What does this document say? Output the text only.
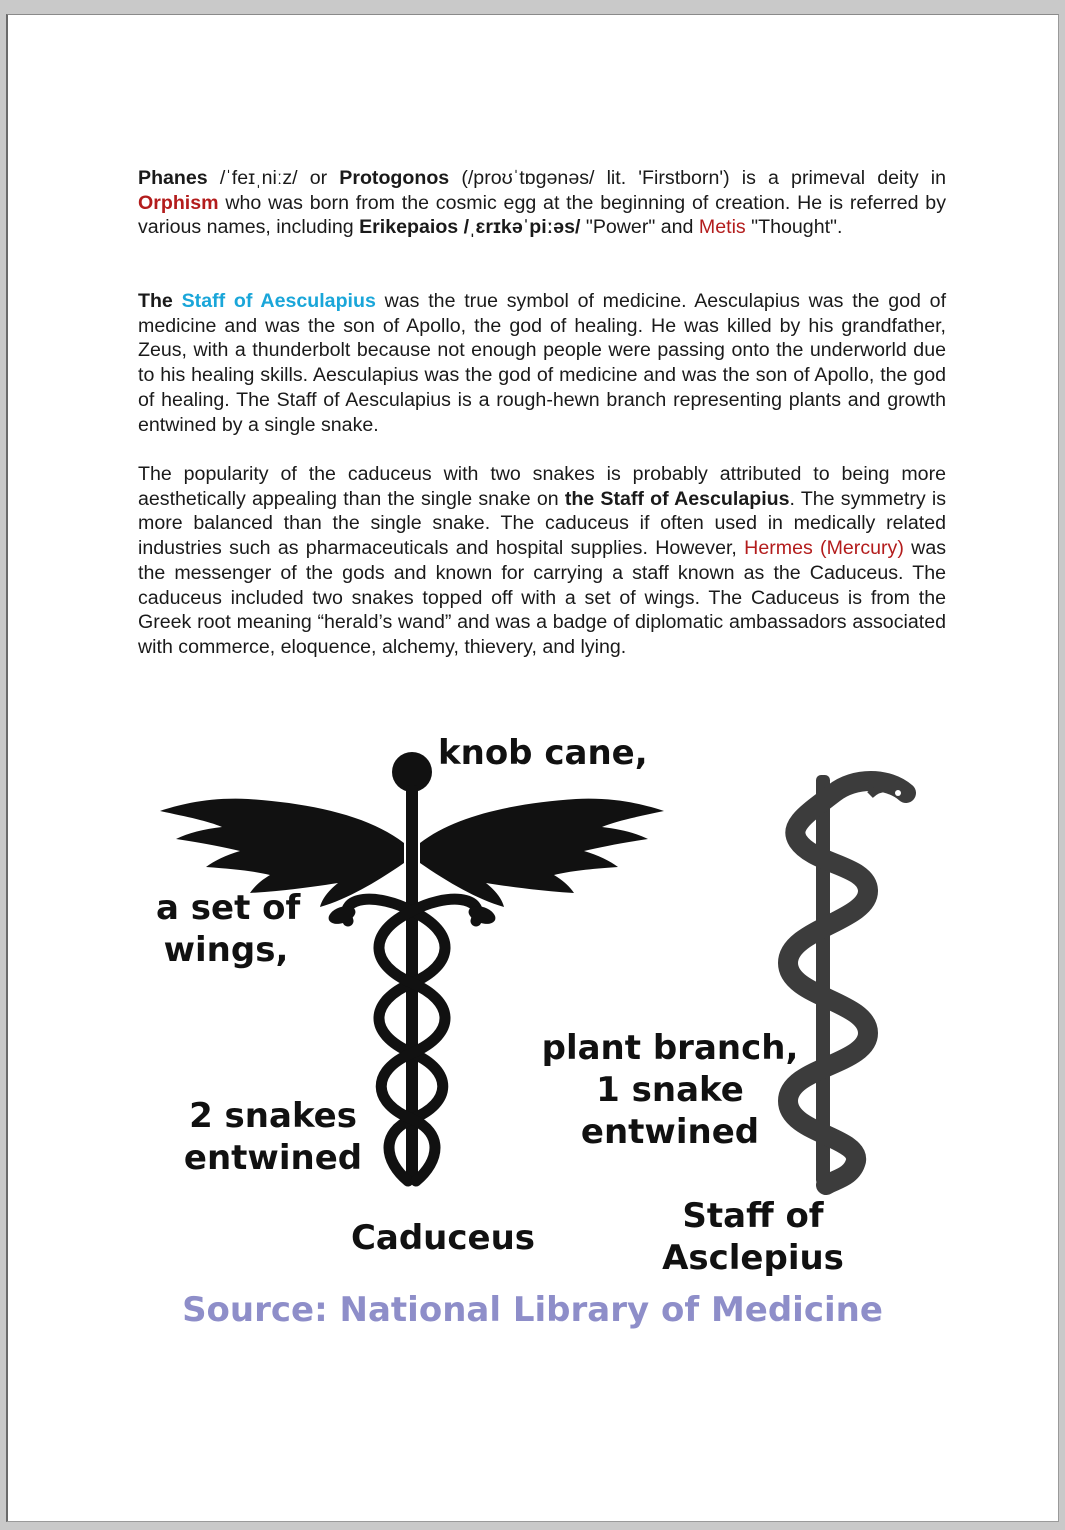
Phanes /ˈfeɪˌniːz/ or Protogonos (/proʊˈtɒɡənəs/ lit. 'Firstborn') is a primeval deity in Orphism who was born from the cosmic egg at the beginning of creation. He is referred by various names, including Erikepaios /ˌɛrɪkəˈpiːəs/ "Power" and Metis "Thought".
The Staff of Aesculapius was the true symbol of medicine. Aesculapius was the god of medicine and was the son of Apollo, the god of healing. He was killed by his grandfather, Zeus, with a thunderbolt because not enough people were passing onto the underworld due to his healing skills. Aesculapius was the god of medicine and was the son of Apollo, the god of healing. The Staff of Aesculapius is a rough-hewn branch representing plants and growth entwined by a single snake.
The popularity of the caduceus with two snakes is probably attributed to being more aesthetically appealing than the single snake on the Staff of Aesculapius. The symmetry is more balanced than the single snake. The caduceus if often used in medically related industries such as pharmaceuticals and hospital supplies. However, Hermes (Mercury) was the messenger of the gods and known for carrying a staff known as the Caduceus. The caduceus included two snakes topped off with a set of wings. The Caduceus is from the Greek root meaning “herald’s wand” and was a badge of diplomatic ambassadors associated with commerce, eloquence, alchemy, thievery, and lying.
knob cane,
a set of
wings,
2 snakes
entwined
Caduceus
plant branch,
1 snake
entwined
Staff of
Asclepius
Source: National Library of Medicine
